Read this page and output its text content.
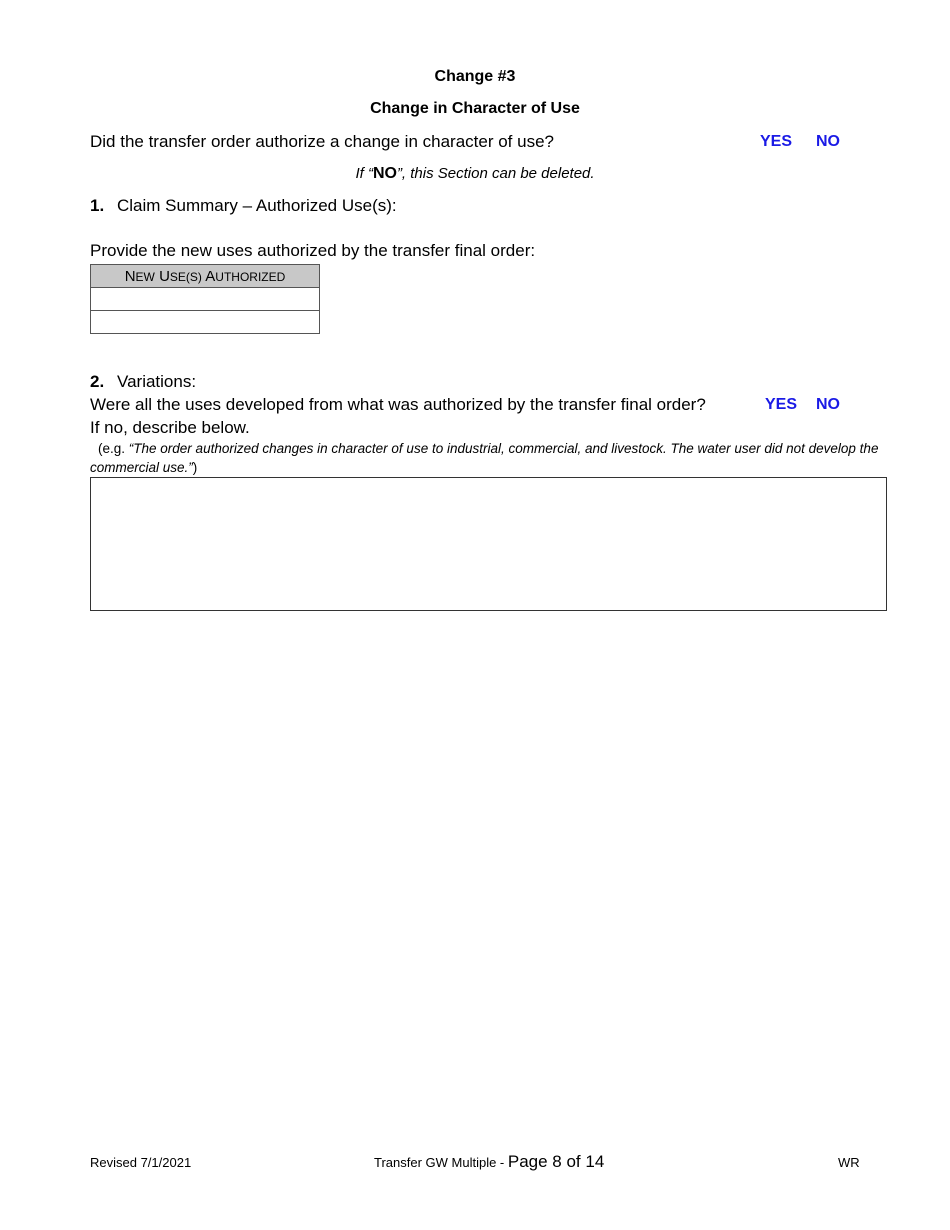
Change #3
Change in Character of Use
Did the transfer order authorize a change in character of use?	YES NO
If “NO”, this Section can be deleted.
1. Claim Summary – Authorized Use(s):
Provide the new uses authorized by the transfer final order:
NEW USE(S) AUTHORIZED

2. Variations:
Were all the uses developed from what was authorized by the transfer final order?	YES NO
If no, describe below.
(e.g. “The order authorized changes in character of use to industrial, commercial, and livestock. The water user did not develop the commercial use.”)
Revised 7/1/2021	Transfer GW Multiple - Page 8 of 14	WR
